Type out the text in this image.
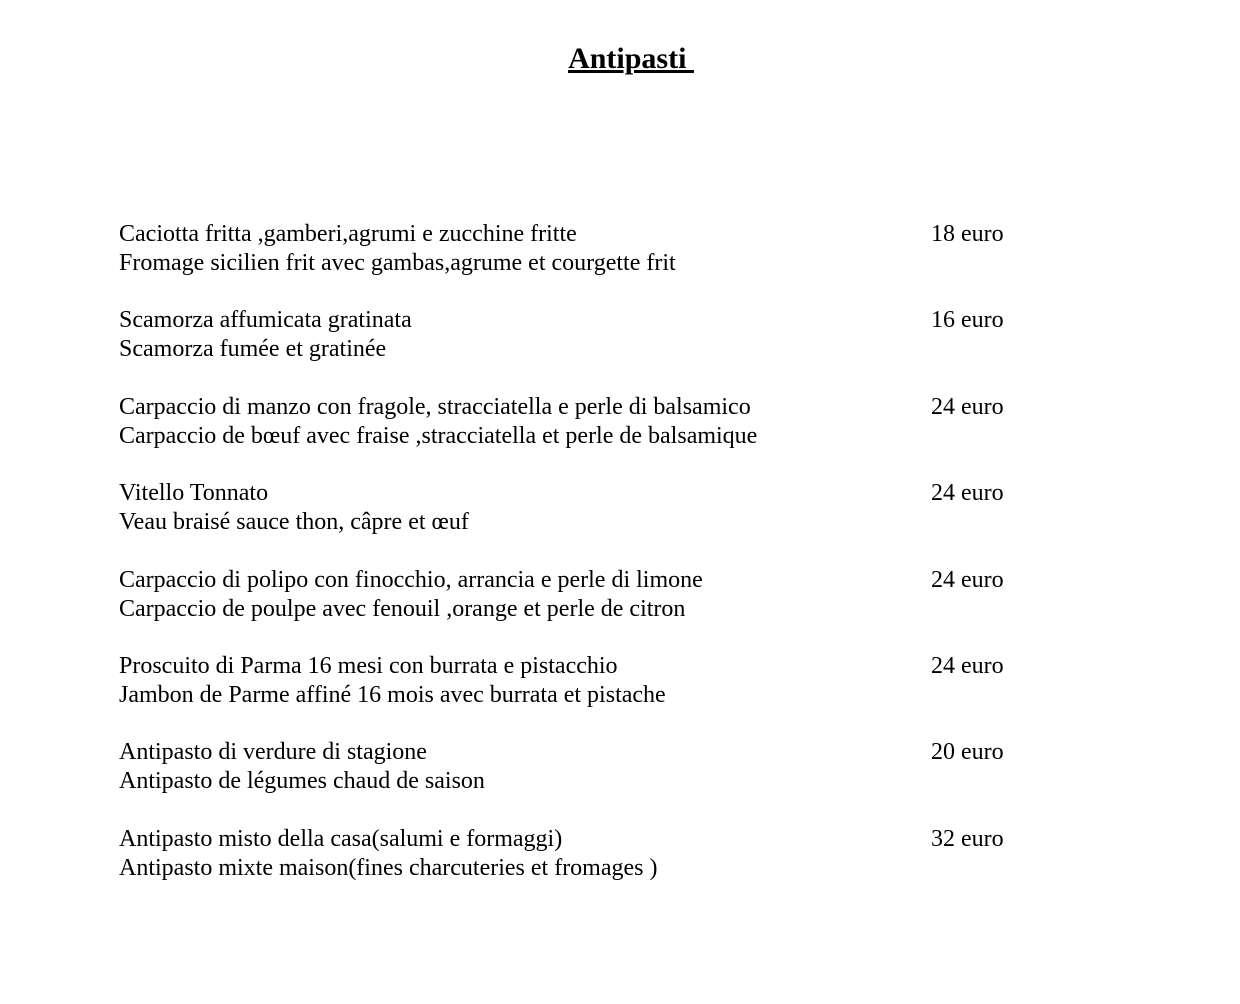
Antipasti
Caciotta fritta ,gamberi,agrumi e zucchine fritte
Fromage sicilien frit avec gambas,agrume et courgette frit
18 euro
Scamorza affumicata gratinata
Scamorza fumée et gratinée
16 euro
Carpaccio di manzo con fragole, stracciatella e perle di balsamico
Carpaccio de bœuf avec fraise ,stracciatella et perle de balsamique
24 euro
Vitello Tonnato
Veau braisé sauce thon, câpre et œuf
24 euro
Carpaccio di polipo con finocchio, arrancia e perle di limone
Carpaccio de poulpe avec fenouil ,orange et perle de citron
24 euro
Proscuito di Parma 16 mesi con burrata e pistacchio
Jambon de Parme affiné 16 mois avec burrata et pistache
24 euro
Antipasto di verdure di stagione
Antipasto de légumes chaud de saison
20 euro
Antipasto misto della casa(salumi e formaggi)
Antipasto mixte maison(fines charcuteries et fromages )
32 euro
